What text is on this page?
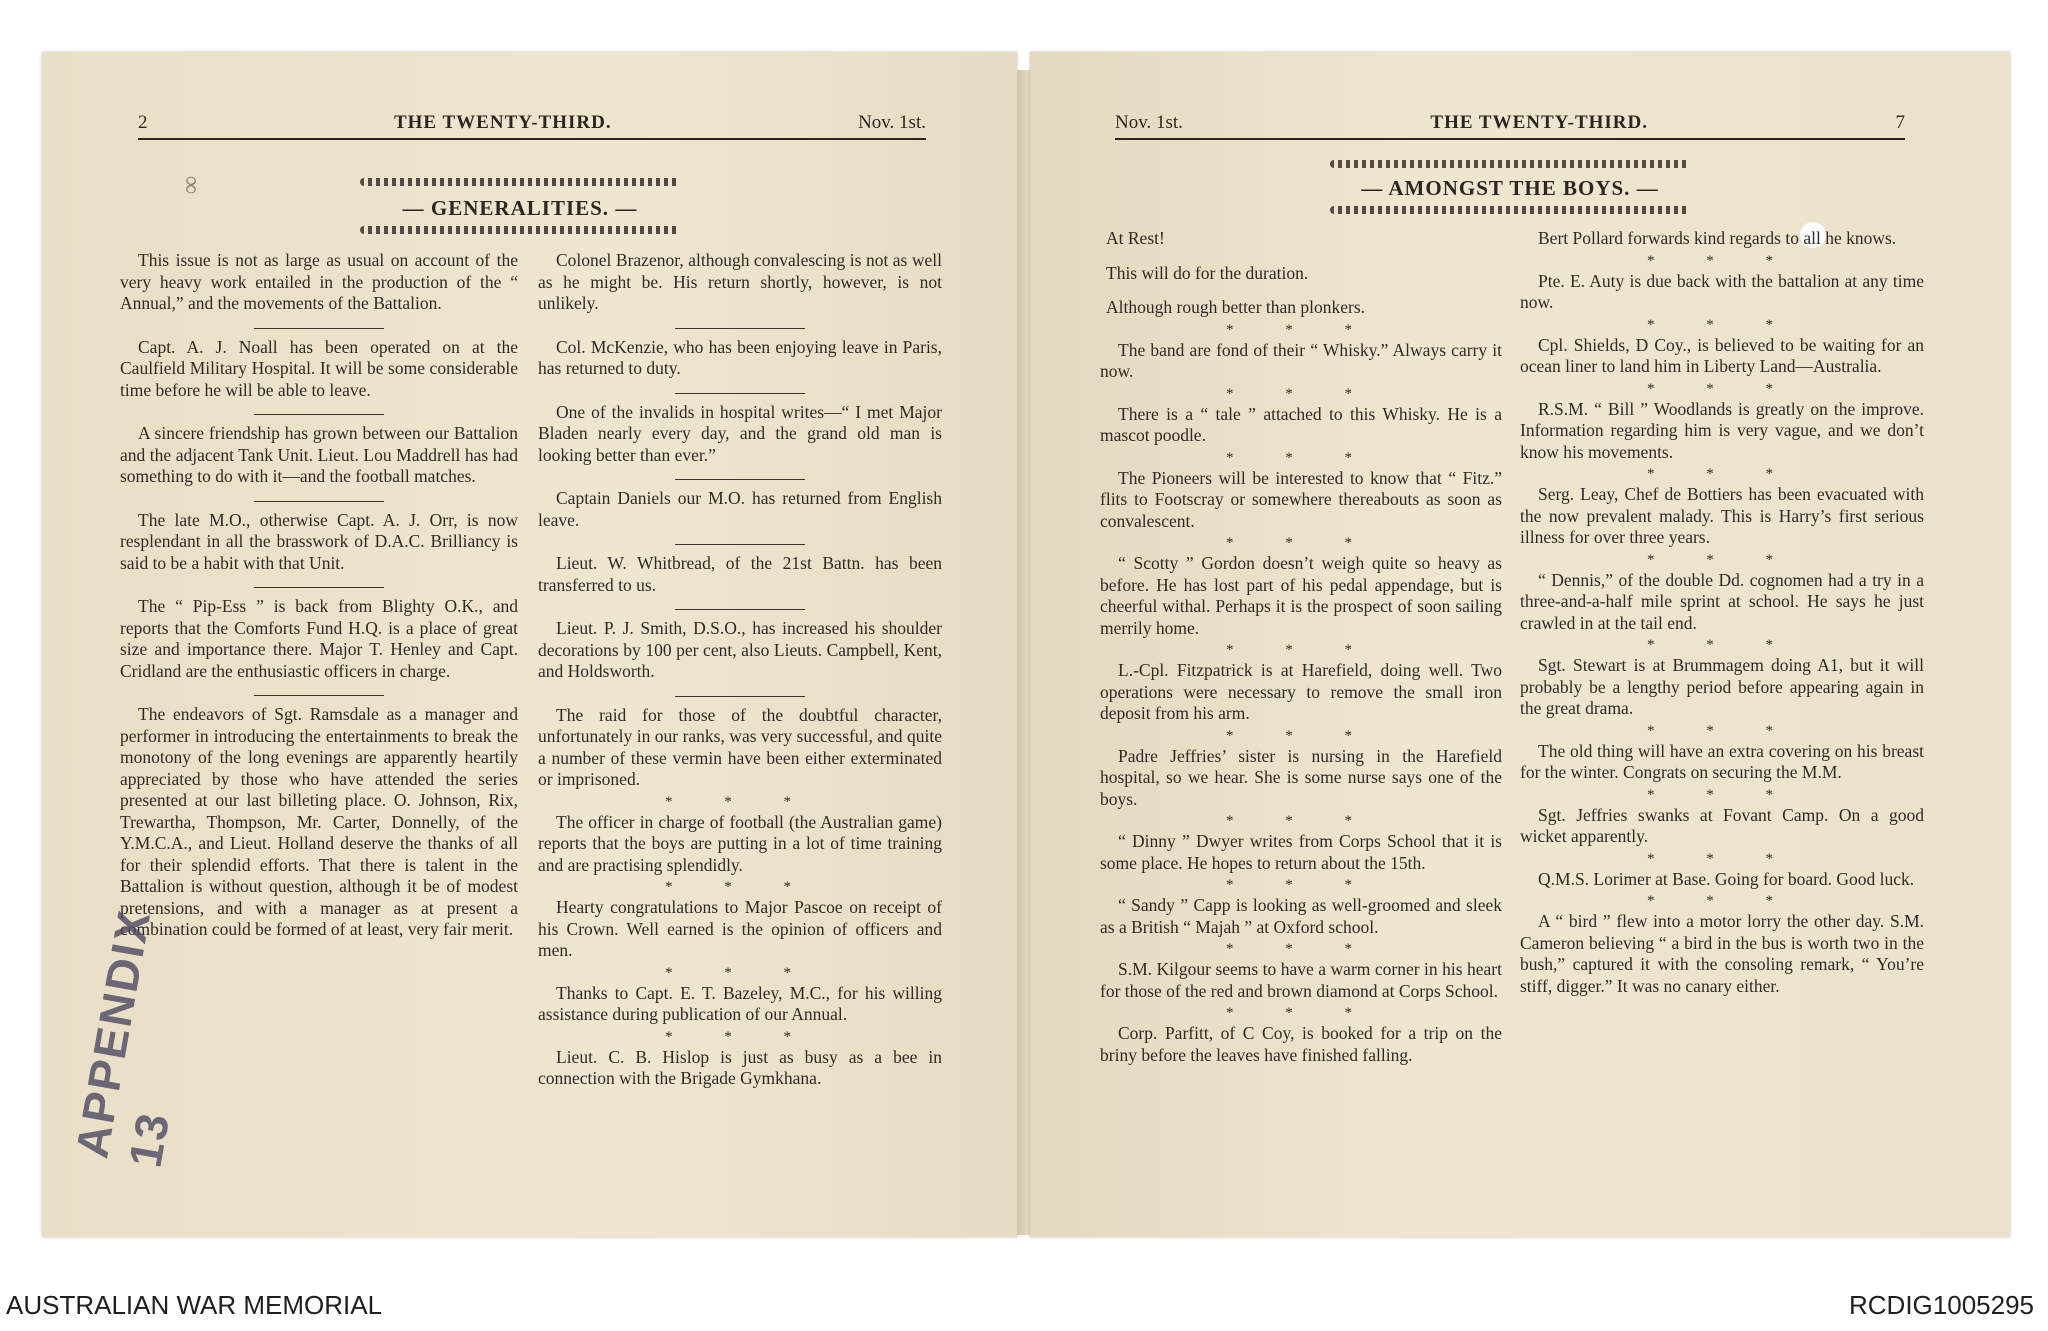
2	THE TWENTY-THIRD.	Nov. 1st.
— GENERALITIES. —
∞

This issue is not as large as usual on account of the very heavy work entailed in the production of the “ Annual,” and the movements of the Battalion.

Capt. A. J. Noall has been operated on at the Caulfield Military Hospital. It will be some considerable time before he will be able to leave.

A sincere friendship has grown between our Battalion and the adjacent Tank Unit. Lieut. Lou Maddrell has had something to do with it—and the football matches.

The late M.O., otherwise Capt. A. J. Orr, is now resplendant in all the brasswork of D.A.C. Brilliancy is said to be a habit with that Unit.

The “ Pip-Ess ” is back from Blighty O.K., and reports that the Comforts Fund H.Q. is a place of great size and importance there. Major T. Henley and Capt. Cridland are the enthusiastic officers in charge.

The endeavors of Sgt. Ramsdale as a manager and performer in introducing the entertainments to break the monotony of the long evenings are apparently heartily appreciated by those who have attended the series presented at our last billeting place. O. Johnson, Rix, Trewartha, Thompson, Mr. Carter, Donnelly, of the Y.M.C.A., and Lieut. Holland deserve the thanks of all for their splendid efforts. That there is talent in the Battalion is without question, although it be of modest pretensions, and with a manager as at present a combination could be formed of at least, very fair merit.

Colonel Brazenor, although convalescing is not as well as he might be. His return shortly, however, is not unlikely.

Col. McKenzie, who has been enjoying leave in Paris, has returned to duty.

One of the invalids in hospital writes—“ I met Major Bladen nearly every day, and the grand old man is looking better than ever.”

Captain Daniels our M.O. has returned from English leave.

Lieut. W. Whitbread, of the 21st Battn. has been transferred to us.

Lieut. P. J. Smith, D.S.O., has increased his shoulder decorations by 100 per cent, also Lieuts. Campbell, Kent, and Holdsworth.

The raid for those of the doubtful character, unfortunately in our ranks, was very successful, and quite a number of these vermin have been either exterminated or imprisoned.

* * *

The officer in charge of football (the Australian game) reports that the boys are putting in a lot of time training and are practising splendidly.

* * *

Hearty congratulations to Major Pascoe on receipt of his Crown. Well earned is the opinion of officers and men.

* * *

Thanks to Capt. E. T. Bazeley, M.C., for his willing assistance during publication of our Annual.

* * *

Lieut. C. B. Hislop is just as busy as a bee in connection with the Brigade Gymkhana.

APPENDIX 13
Nov. 1st.	THE TWENTY-THIRD.	7
— AMONGST THE BOYS. —

At Rest!

This will do for the duration.

Although rough better than plonkers.

* * *

The band are fond of their “ Whisky.” Always carry it now.

* * *

There is a “ tale ” attached to this Whisky. He is a mascot poodle.

* * *

The Pioneers will be interested to know that “ Fitz.” flits to Footscray or somewhere thereabouts as soon as convalescent.

* * *

“ Scotty ” Gordon doesn’t weigh quite so heavy as before. He has lost part of his pedal appendage, but is cheerful withal. Perhaps it is the prospect of soon sailing merrily home.

* * *

L.-Cpl. Fitzpatrick is at Harefield, doing well. Two operations were necessary to remove the small iron deposit from his arm.

* * *

Padre Jeffries’ sister is nursing in the Harefield hospital, so we hear. She is some nurse says one of the boys.

* * *

“ Dinny ” Dwyer writes from Corps School that it is some place. He hopes to return about the 15th.

* * *

“ Sandy ” Capp is looking as well-groomed and sleek as a British “ Majah ” at Oxford school.

* * *

S.M. Kilgour seems to have a warm corner in his heart for those of the red and brown diamond at Corps School.

* * *

Corp. Parfitt, of C Coy, is booked for a trip on the briny before the leaves have finished falling.

Bert Pollard forwards kind regards to all he knows.

* * *

Pte. E. Auty is due back with the battalion at any time now.

* * *

Cpl. Shields, D Coy., is believed to be waiting for an ocean liner to land him in Liberty Land—Australia.

* * *

R.S.M. “ Bill ” Woodlands is greatly on the improve. Information regarding him is very vague, and we don’t know his movements.

* * *

Serg. Leay, Chef de Bottiers has been evacuated with the now prevalent malady. This is Harry’s first serious illness for over three years.

* * *

“ Dennis,” of the double Dd. cognomen had a try in a three-and-a-half mile sprint at school. He says he just crawled in at the tail end.

* * *

Sgt. Stewart is at Brummagem doing A1, but it will probably be a lengthy period before appearing again in the great drama.

* * *

The old thing will have an extra covering on his breast for the winter. Congrats on securing the M.M.

* * *

Sgt. Jeffries swanks at Fovant Camp. On a good wicket apparently.

* * *

Q.M.S. Lorimer at Base. Going for board. Good luck.

* * *

A “ bird ” flew into a motor lorry the other day. S.M. Cameron believing “ a bird in the bus is worth two in the bush,” captured it with the consoling remark, “ You’re stiff, digger.” It was no canary either.

AUSTRALIAN WAR MEMORIAL	RCDIG1005295
